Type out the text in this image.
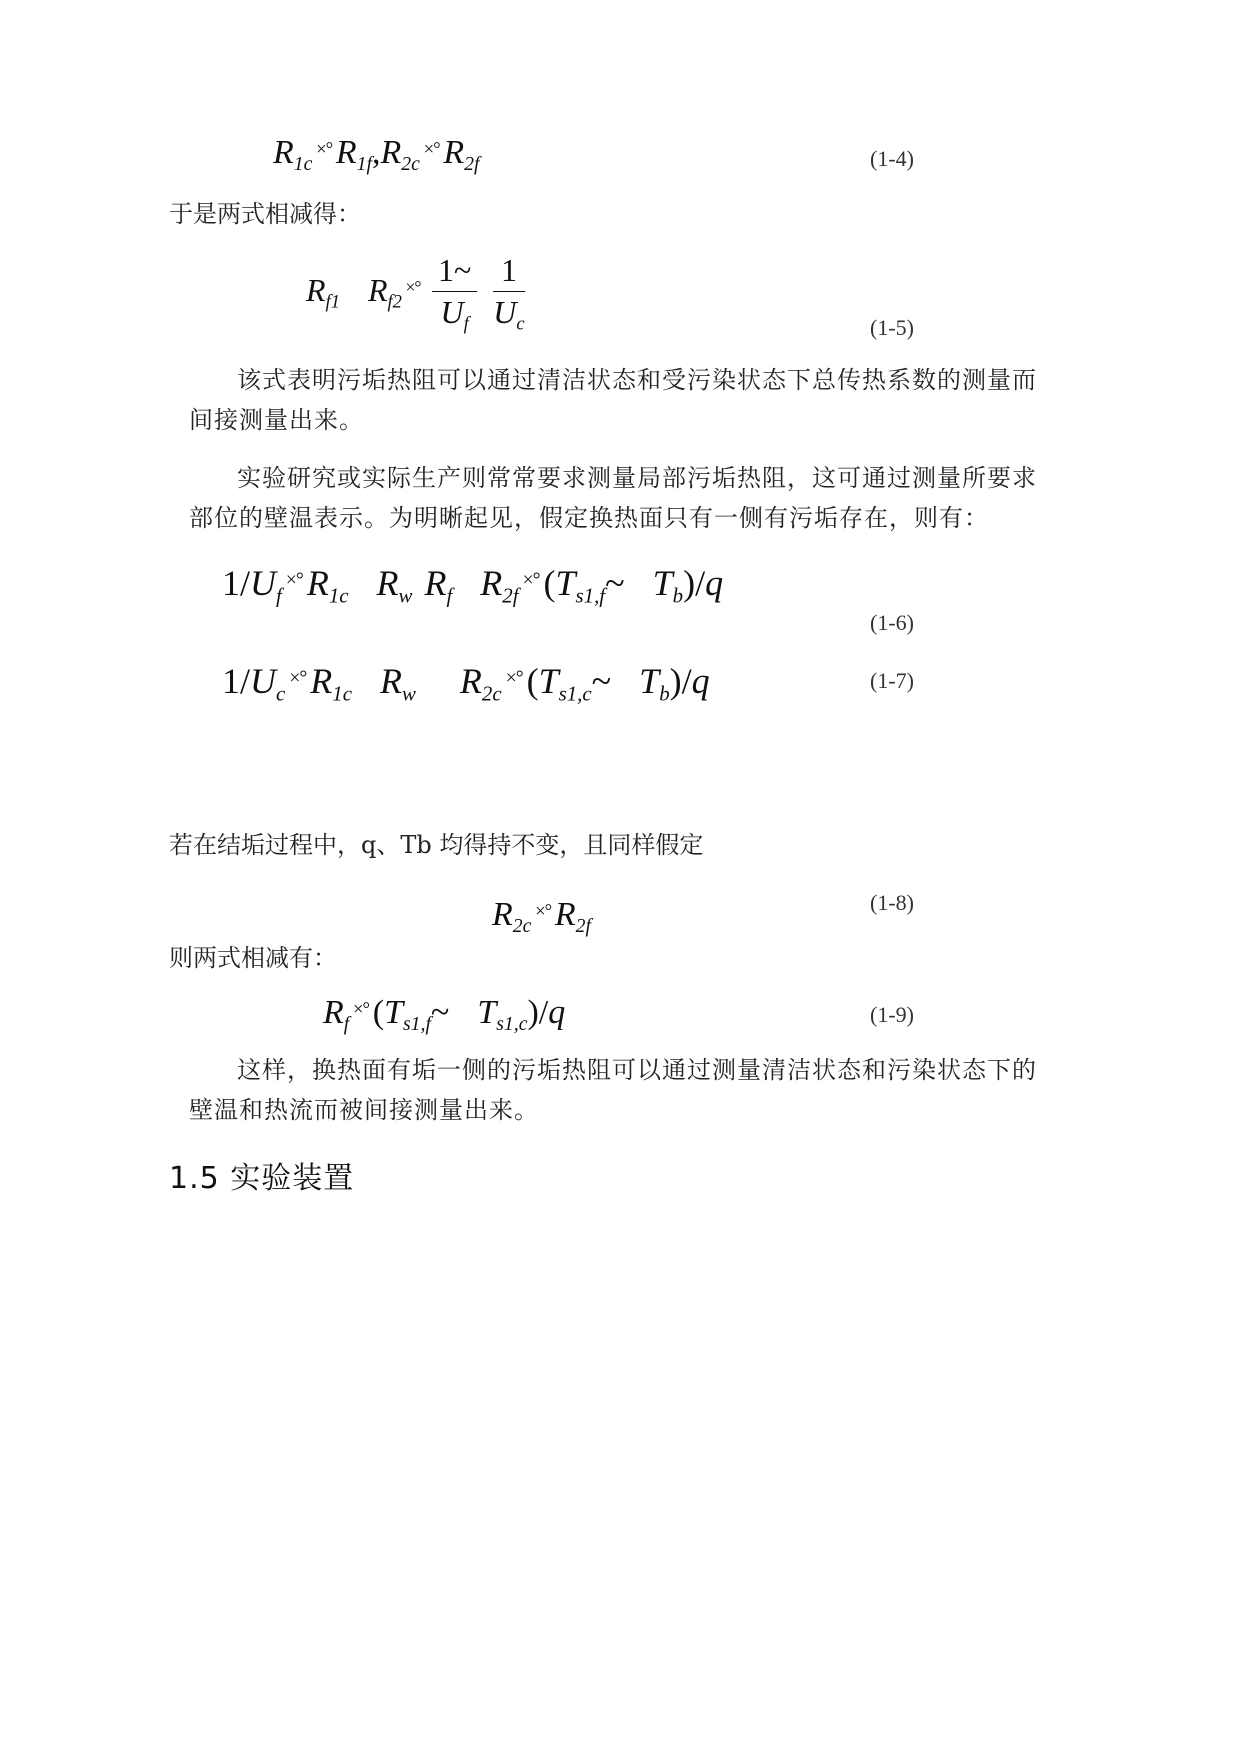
$R_{1c}^{\times^\circ}$ $R_{1f},R_{2c}^{\times^\circ}$ $R_{2f}$	(1-4)
于是两式相减得：
$R_{f1}$ $R_{f2}^{\times^\circ} \frac{1\sim}{U_f} \frac{1}{U_c}$	(1-5)
该式表明污垢热阻可以通过清洁状态和受污染状态下总传热系数的测量而间接测量出来。
实验研究或实际生产则常常要求测量局部污垢热阻，这可通过测量所要求部位的壁温表示。为明晰起见，假定换热面只有一侧有污垢存在，则有：
$1/U_f^{\times^\circ}$ $R_{1c}$ $R_w$ $R_f$ $R_{2f}^{\times^\circ}$ ($T_{s1,f}\sim$ $T_b)/q$
(1-6)
$1/U_c^{\times^\circ}$ $R_{1c}$ $R_w$ $R_{2c}^{\times^\circ}$ ($T_{s1,c}\sim$ $T_b)/q$	(1-7)
若在结垢过程中，q、Tb 均得持不变，且同样假定
$R_{2c}^{\times^\circ}$ $R_{2f}$
(1-8)
则两式相减有：
$R_f^{\times^\circ}$ ($T_{s1,f}\sim$ $T_{s1,c})/q$	(1-9)
这样，换热面有垢一侧的污垢热阻可以通过测量清洁状态和污染状态下的壁温和热流而被间接测量出来。
1.5 实验装置
